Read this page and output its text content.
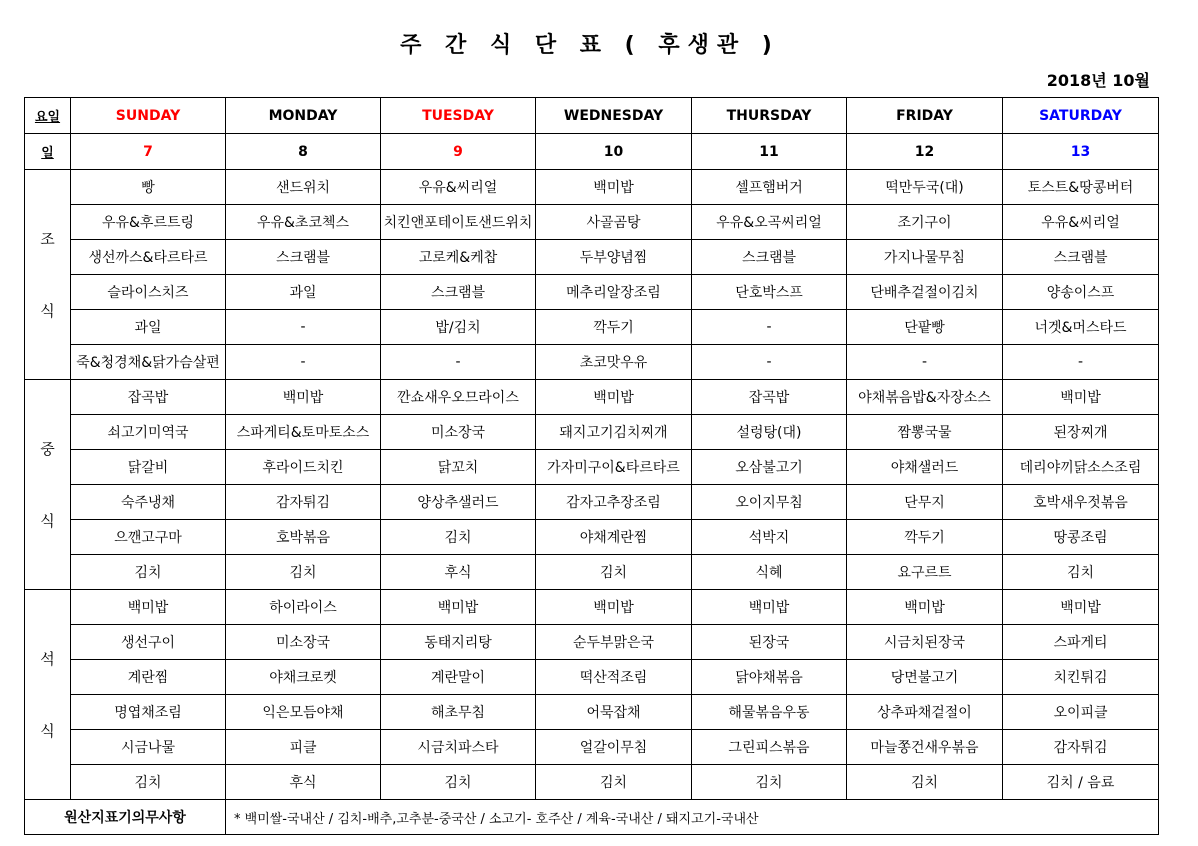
주 간 식 단 표 ( 후생관 )
2018년 10월
요일	SUNDAY	MONDAY	TUESDAY	WEDNESDAY	THURSDAY	FRIDAY	SATURDAY
일	7	8	9	10	11	12	13

조

식	빵	샌드위치	우유&씨리얼	백미밥	셀프햄버거	떡만두국(대)	토스트&땅콩버터
	우유&후르트링	우유&초코첵스	치킨앤포테이토샌드위치	사골곰탕	우유&오곡씨리얼	조기구이	우유&씨리얼
	생선까스&타르타르	스크램블	고로케&케찹	두부양념찜	스크램블	가지나물무침	스크램블
	슬라이스치즈	과일	스크램블	메추리알장조림	단호박스프	단배추겉절이김치	양송이스프
	과일	-	밥/김치	깍두기	-	단팥빵	너겟&머스타드
	죽&청경채&닭가슴살편	-	-	초코맛우유	-	-	-

중

식	잡곡밥	백미밥	깐쇼새우오므라이스	백미밥	잡곡밥	야채볶음밥&자장소스	백미밥
	쇠고기미역국	스파게티&토마토소스	미소장국	돼지고기김치찌개	설렁탕(대)	짬뽕국물	된장찌개
	닭갈비	후라이드치킨	닭꼬치	가자미구이&타르타르	오삼불고기	야채샐러드	데리야끼닭소스조림
	숙주냉채	감자튀김	양상추샐러드	감자고추장조림	오이지무침	단무지	호박새우젓볶음
	으깬고구마	호박볶음	김치	야채계란찜	석박지	깍두기	땅콩조림
	김치	김치	후식	김치	식혜	요구르트	김치

석

식	백미밥	하이라이스	백미밥	백미밥	백미밥	백미밥	백미밥
	생선구이	미소장국	동태지리탕	순두부맑은국	된장국	시금치된장국	스파게티
	계란찜	야채크로켓	계란말이	떡산적조림	닭야채볶음	당면불고기	치킨튀김
	명엽채조림	익은모듬야채	해초무침	어묵잡채	해물볶음우동	상추파채겉절이	오이피클
	시금나물	피클	시금치파스타	얼갈이무침	그린피스볶음	마늘쫑건새우볶음	감자튀김
	김치	후식	김치	김치	김치	김치	김치 / 음료
원산지표기의무사항		* 백미쌀-국내산 / 김치-배추,고추분-중국산 / 소고기- 호주산 / 계육-국내산 / 돼지고기-국내산					
